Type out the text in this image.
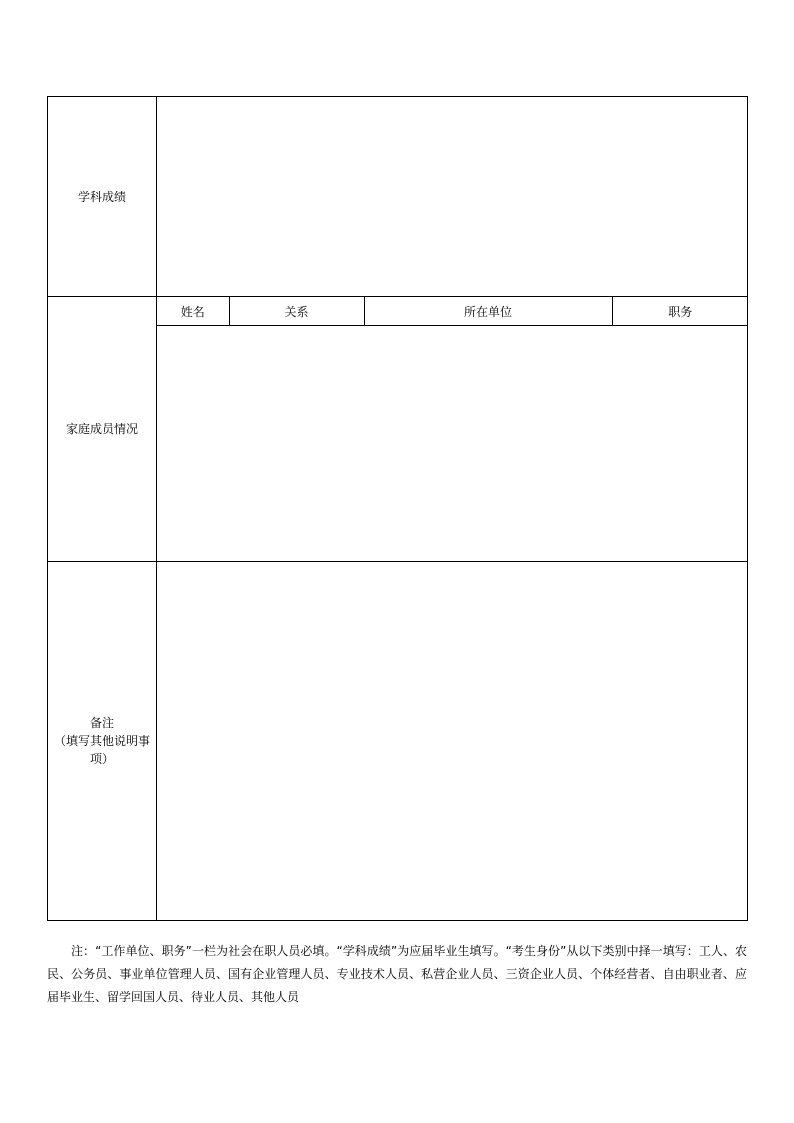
学科成绩

家庭成员情况

姓名	关系	所在单位	职务

备注
（填写其他说明事
项）

注：“工作单位、职务”一栏为社会在职人员必填。“学科成绩”为应届毕业生填写。“考生身份”从以下类别中择一填写：工人、农民、公务员、事业单位管理人员、国有企业管理人员、专业技术人员、私营企业人员、三资企业人员、个体经营者、自由职业者、应届毕业生、留学回国人员、待业人员、其他人员
